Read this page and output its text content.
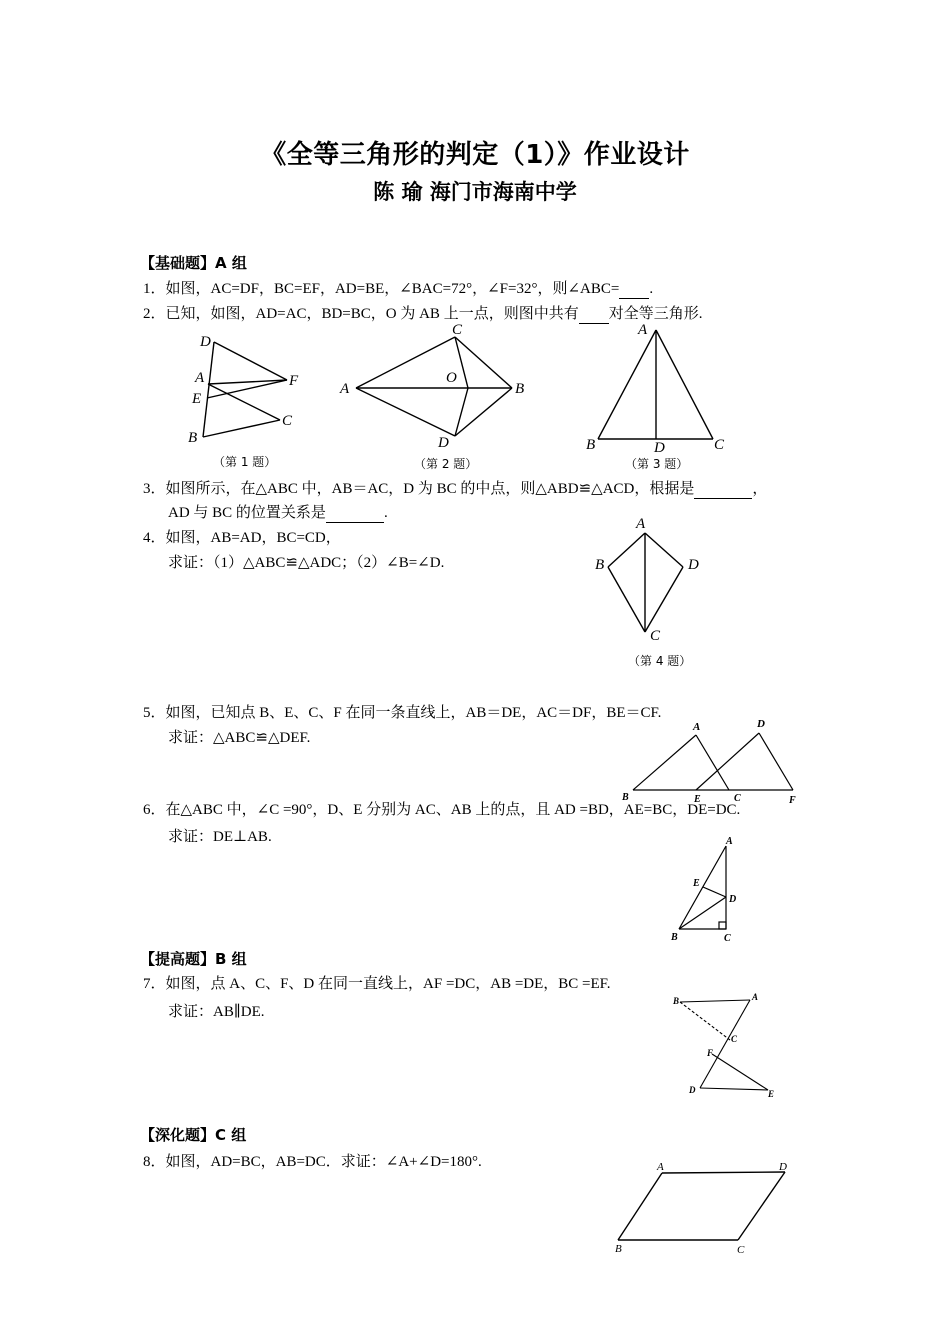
《全等三角形的判定（1）》作业设计
陈 瑜 海门市海南中学
【基础题】A 组
1．如图，AC=DF，BC=EF，AD=BE，∠BAC=72°，∠F=32°，则∠ABC= .
2．已知，如图，AD=AC，BD=BC，O 为 AB 上一点，则图中共有 对全等三角形.
（第 1 题）	（第 2 题）	（第 3 题）
3．如图所示，在△ABC 中，AB＝AC，D 为 BC 的中点，则△ABD≌△ACD，根据是	，
AD 与 BC 的位置关系是	.
4．如图，AB=AD，BC=CD，
求证：（1）△ABC≌△ADC；（2）∠B=∠D.
（第 4 题）
5．如图，已知点 B、E、C、F 在同一条直线上，AB＝DE，AC＝DF，BE＝CF.
求证：△ABC≌△DEF.
6．在△ABC 中，∠C =90°，D、E 分别为 AC、AB 上的点，且 AD =BD，AE=BC，DE=DC.
求证：DE⊥AB.
【提高题】B 组
7．如图，点 A、C、F、D 在同一直线上，AF =DC，AB =DE，BC =EF.
求证：AB∥DE.
【深化题】C 组
8．如图，AD=BC，AB=DC．求证：∠A+∠D=180°.
D
A
E
F
B
C
C
A
O
B
D
A
B	D	C
A
B	D
C
A	D
B	E	C	F
A
E
D
B	C
B	A
C
F
D	E
A	D
B	C
